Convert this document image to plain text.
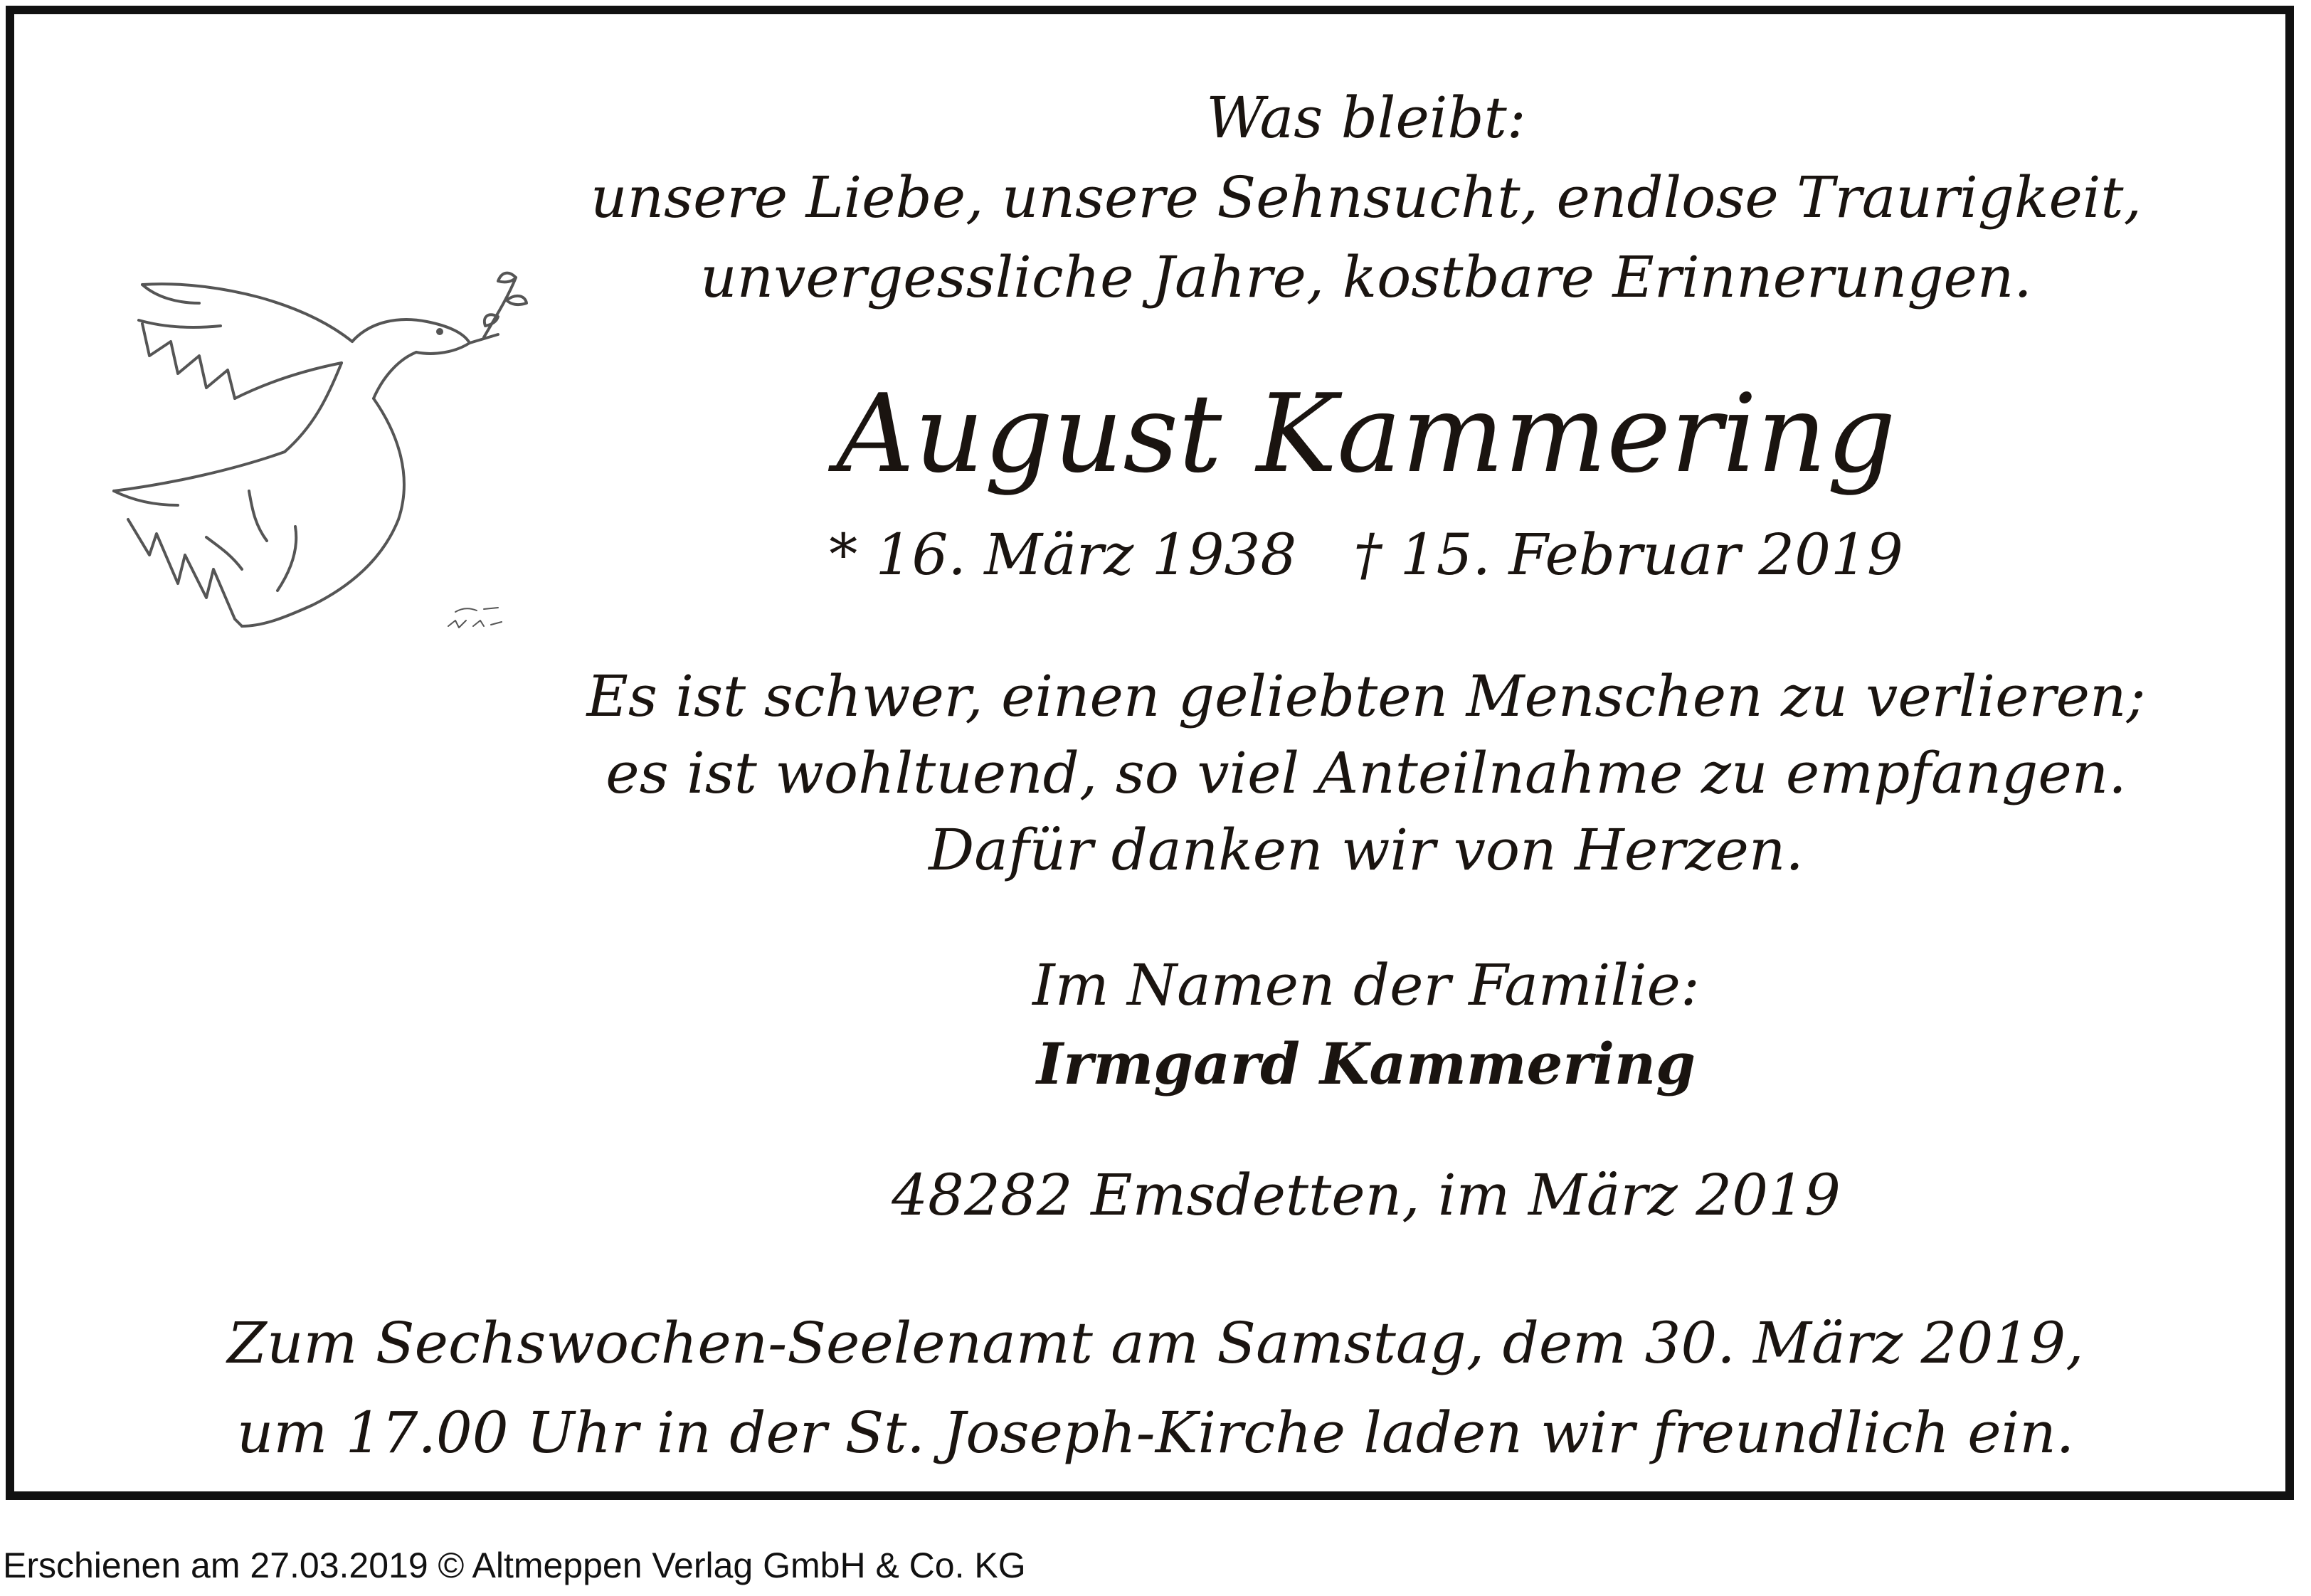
Was bleibt:
unsere Liebe, unsere Sehnsucht, endlose Traurigkeit,
unvergessliche Jahre, kostbare Erinnerungen.
August Kammering
* 16. März 1938 † 15. Februar 2019
Es ist schwer, einen geliebten Menschen zu verlieren;
es ist wohltuend, so viel Anteilnahme zu empfangen.
Dafür danken wir von Herzen.
Im Namen der Familie:
Irmgard Kammering
48282 Emsdetten, im März 2019
Zum Sechswochen-Seelenamt am Samstag, dem 30. März 2019,
um 17.00 Uhr in der St. Joseph-Kirche laden wir freundlich ein.
Erschienen am 27.03.2019 © Altmeppen Verlag GmbH & Co. KG
